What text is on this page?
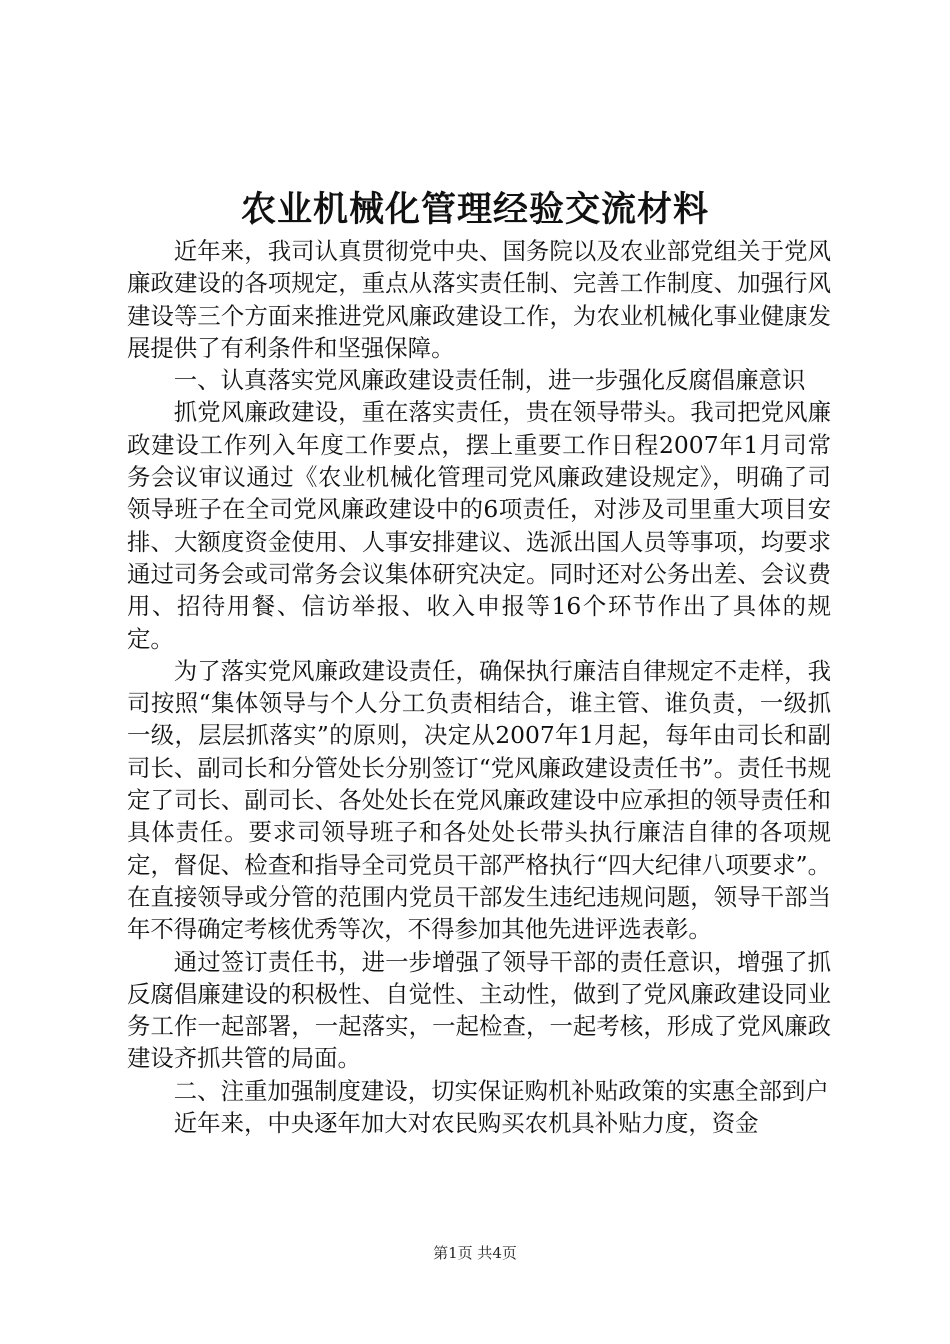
农业机械化管理经验交流材料

近年来，我司认真贯彻党中央、国务院以及农业部党组关于党风廉政建设的各项规定，重点从落实责任制、完善工作制度、加强行风建设等三个方面来推进党风廉政建设工作，为农业机械化事业健康发展提供了有利条件和坚强保障。

一、认真落实党风廉政建设责任制，进一步强化反腐倡廉意识

抓党风廉政建设，重在落实责任，贵在领导带头。我司把党风廉政建设工作列入年度工作要点，摆上重要工作日程2007年1月司常务会议审议通过《农业机械化管理司党风廉政建设规定》，明确了司领导班子在全司党风廉政建设中的6项责任，对涉及司里重大项目安排、大额度资金使用、人事安排建议、选派出国人员等事项，均要求通过司务会或司常务会议集体研究决定。同时还对公务出差、会议费用、招待用餐、信访举报、收入申报等16个环节作出了具体的规定。

为了落实党风廉政建设责任，确保执行廉洁自律规定不走样，我司按照“集体领导与个人分工负责相结合，谁主管、谁负责，一级抓一级，层层抓落实”的原则，决定从2007年1月起，每年由司长和副司长、副司长和分管处长分别签订“党风廉政建设责任书”。责任书规定了司长、副司长、各处处长在党风廉政建设中应承担的领导责任和具体责任。要求司领导班子和各处处长带头执行廉洁自律的各项规定，督促、检查和指导全司党员干部严格执行“四大纪律八项要求”。在直接领导或分管的范围内党员干部发生违纪违规问题，领导干部当年不得确定考核优秀等次，不得参加其他先进评选表彰。

通过签订责任书，进一步增强了领导干部的责任意识，增强了抓反腐倡廉建设的积极性、自觉性、主动性，做到了党风廉政建设同业务工作一起部署，一起落实，一起检查，一起考核，形成了党风廉政建设齐抓共管的局面。

二、注重加强制度建设，切实保证购机补贴政策的实惠全部到户

近年来，中央逐年加大对农民购买农机具补贴力度，资金

第1页 共4页
